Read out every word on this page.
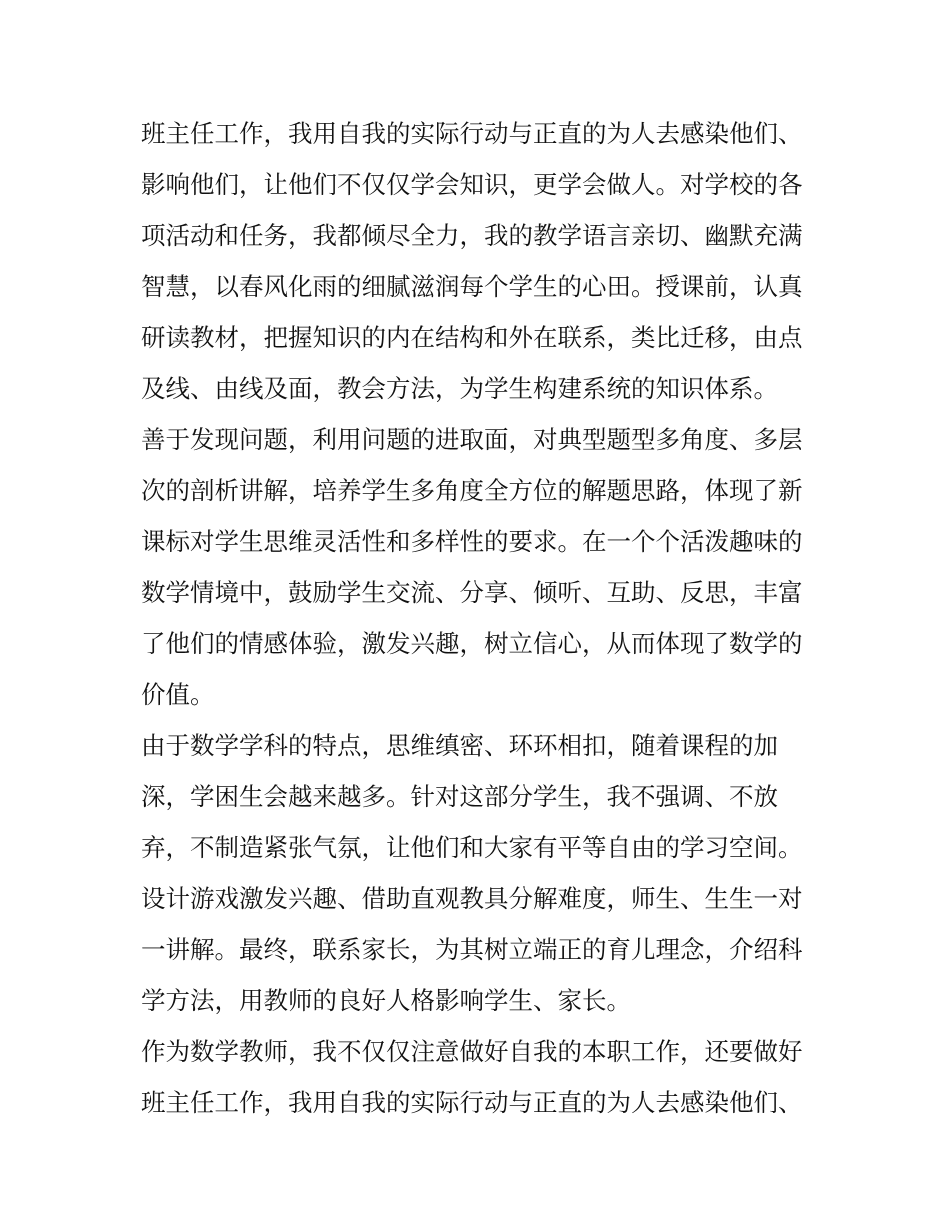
班主任工作，我用自我的实际行动与正直的为人去感染他们、
影响他们，让他们不仅仅学会知识，更学会做人。对学校的各
项活动和任务，我都倾尽全力，我的教学语言亲切、幽默充满
智慧，以春风化雨的细腻滋润每个学生的心田。授课前，认真
研读教材，把握知识的内在结构和外在联系，类比迁移，由点
及线、由线及面，教会方法，为学生构建系统的知识体系。
善于发现问题，利用问题的进取面，对典型题型多角度、多层
次的剖析讲解，培养学生多角度全方位的解题思路，体现了新
课标对学生思维灵活性和多样性的要求。在一个个活泼趣味的
数学情境中，鼓励学生交流、分享、倾听、互助、反思，丰富
了他们的情感体验，激发兴趣，树立信心，从而体现了数学的
价值。
由于数学学科的特点，思维缜密、环环相扣，随着课程的加
深，学困生会越来越多。针对这部分学生，我不强调、不放
弃，不制造紧张气氛，让他们和大家有平等自由的学习空间。
设计游戏激发兴趣、借助直观教具分解难度，师生、生生一对
一讲解。最终，联系家长，为其树立端正的育儿理念，介绍科
学方法，用教师的良好人格影响学生、家长。
作为数学教师，我不仅仅注意做好自我的本职工作，还要做好
班主任工作，我用自我的实际行动与正直的为人去感染他们、
